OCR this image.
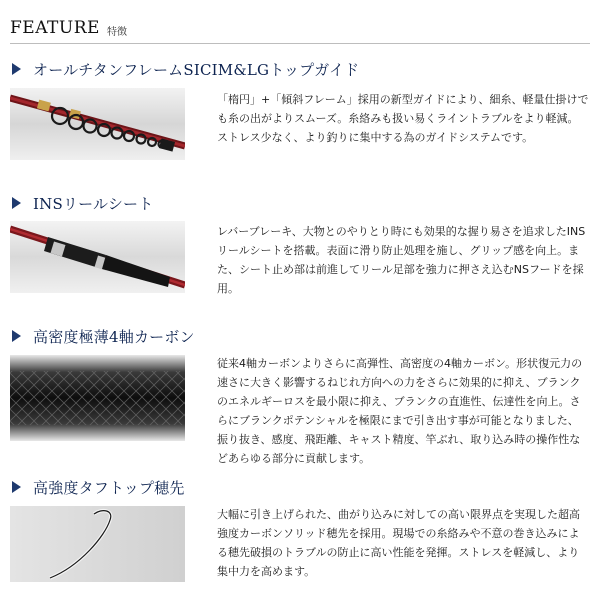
FEATURE 特徴
オールチタンフレームSICIM&LGトップガイド
「楕円」+「傾斜フレーム」採用の新型ガイドにより、細糸、軽量仕掛けでも糸の出がよりスムーズ。糸絡みも扱い易くライントラブルをより軽減。ストレス少なく、より釣りに集中する為のガイドシステムです。
INSリールシート
レバーブレーキ、大物とのやりとり時にも効果的な握り易さを追求したINSリールシートを搭載。表面に滑り防止処理を施し、グリップ感を向上。また、シート止め部は前進してリール足部を強力に押さえ込むNSフードを採用。
高密度極薄4軸カーボン
従来4軸カーボンよりさらに高弾性、高密度の4軸カーボン。形状復元力の速さに大きく影響するねじれ方向への力をさらに効果的に抑え、ブランクのエネルギーロスを最小限に抑え、ブランクの直進性、伝達性を向上。さらにブランクポテンシャルを極限にまで引き出す事が可能となりました、振り抜き、感度、飛距離、キャスト精度、竿ぶれ、取り込み時の操作性などあらゆる部分に貢献します。
高強度タフトップ穂先
大幅に引き上げられた、曲がり込みに対しての高い限界点を実現した超高強度カーボンソリッド穂先を採用。現場での糸絡みや不意の巻き込みによる穂先破損のトラブルの防止に高い性能を発揮。ストレスを軽減し、より集中力を高めます。
